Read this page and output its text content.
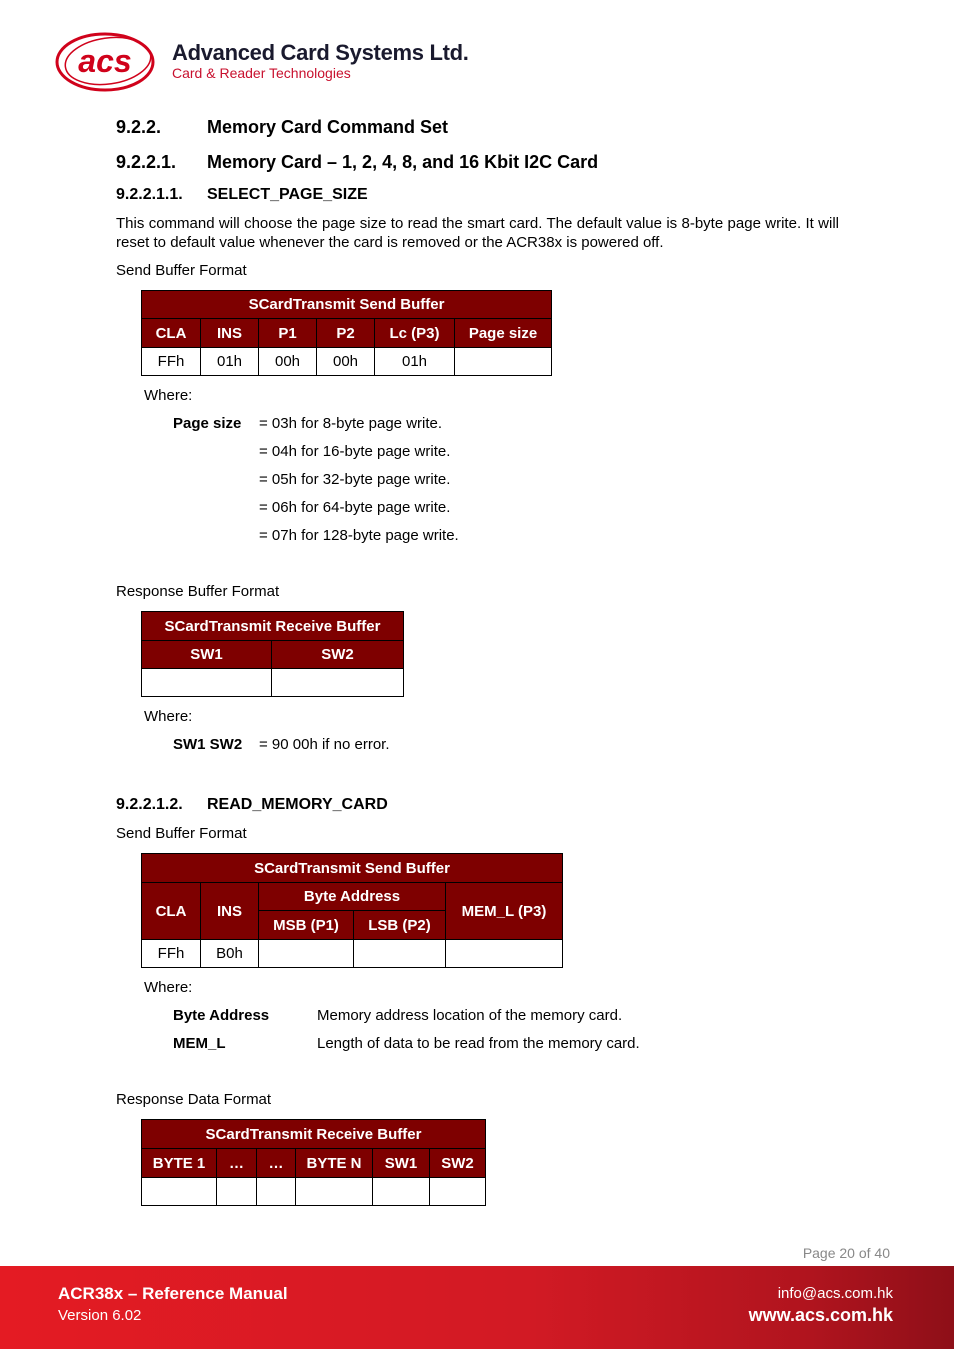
acs Advanced Card Systems Ltd.
Card & Reader Technologies
9.2.2.	Memory Card Command Set
9.2.2.1. Memory Card – 1, 2, 4, 8, and 16 Kbit I2C Card
9.2.2.1.1. SELECT_PAGE_SIZE
This command will choose the page size to read the smart card. The default value is 8-byte page write. It will reset to default value whenever the card is removed or the ACR38x is powered off.
Send Buffer Format
SCardTransmit Send Buffer					
CLA	INS	P1	P2	Lc (P3)	Page size
FFh	01h	00h	00h	01h	
Where:
Page size = 03h for 8-byte page write.
= 04h for 16-byte page write.
= 05h for 32-byte page write.
= 06h for 64-byte page write.
= 07h for 128-byte page write.
Response Buffer Format
SCardTransmit Receive Buffer	
SW1	SW2

Where:
SW1 SW2 = 90 00h if no error.
9.2.2.1.2. READ_MEMORY_CARD
Send Buffer Format
SCardTransmit Send Buffer				
CLA	INS	Byte Address		MEM_L (P3)
		MSB (P1)	LSB (P2)	
FFh	B0h			
Where:
Byte Address	Memory address location of the memory card.
MEM_L	Length of data to be read from the memory card.
Response Data Format
SCardTransmit Receive Buffer					
BYTE 1	…	…	BYTE N	SW1	SW2

Page 20 of 40
ACR38x – Reference Manual
Version 6.02
info@acs.com.hk
www.acs.com.hk
